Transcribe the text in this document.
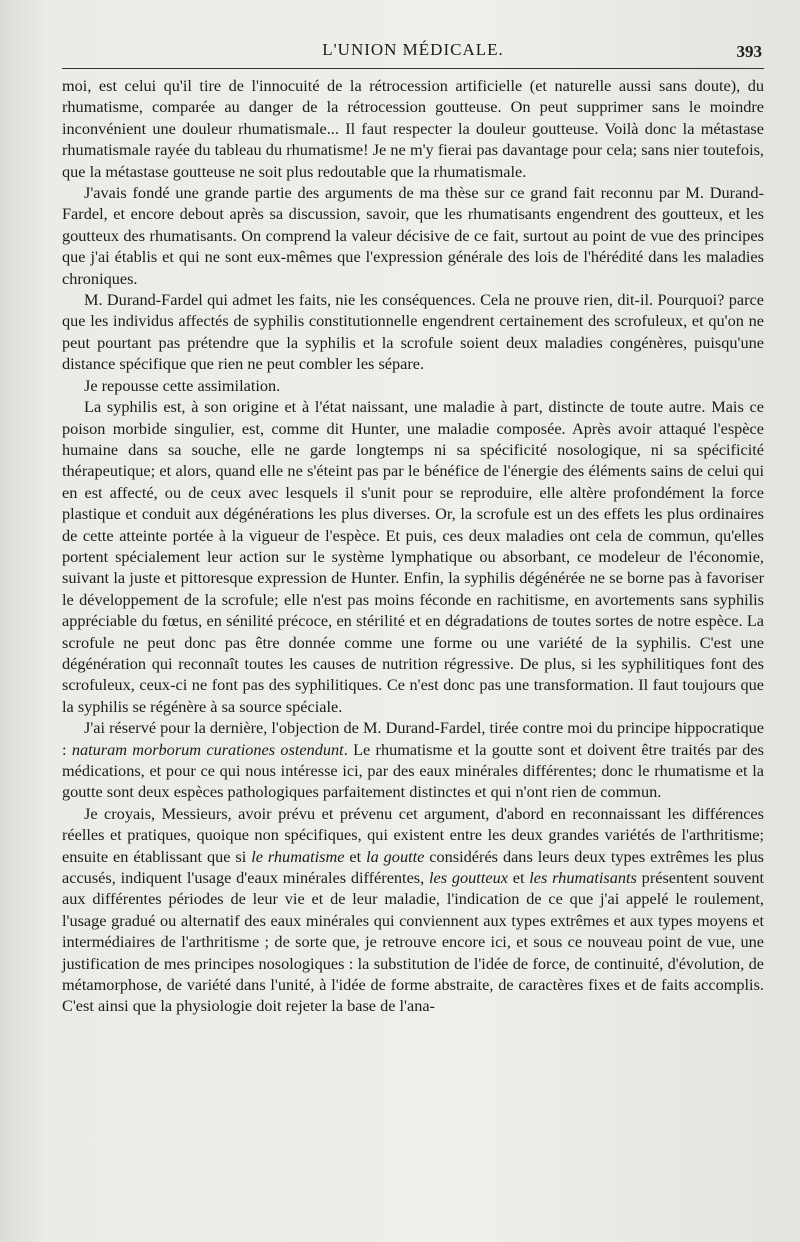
L'UNION MÉDICALE.	393

moi, est celui qu'il tire de l'innocuité de la rétrocession artificielle (et naturelle aussi sans doute), du rhumatisme, comparée au danger de la rétrocession goutteuse. On peut supprimer sans le moindre inconvénient une douleur rhumatismale... Il faut respecter la douleur goutteuse. Voilà donc la métastase rhumatismale rayée du tableau du rhumatisme! Je ne m'y fierai pas davantage pour cela; sans nier toutefois, que la métastase goutteuse ne soit plus redoutable que la rhumatismale.

J'avais fondé une grande partie des arguments de ma thèse sur ce grand fait reconnu par M. Durand-Fardel, et encore debout après sa discussion, savoir, que les rhumatisants engendrent des goutteux, et les goutteux des rhumatisants. On comprend la valeur décisive de ce fait, surtout au point de vue des principes que j'ai établis et qui ne sont eux-mêmes que l'expression générale des lois de l'hérédité dans les maladies chroniques.

M. Durand-Fardel qui admet les faits, nie les conséquences. Cela ne prouve rien, dit-il. Pourquoi? parce que les individus affectés de syphilis constitutionnelle engendrent certainement des scrofuleux, et qu'on ne peut pourtant pas prétendre que la syphilis et la scrofule soient deux maladies congénères, puisqu'une distance spécifique que rien ne peut combler les sépare.

Je repousse cette assimilation.

La syphilis est, à son origine et à l'état naissant, une maladie à part, distincte de toute autre. Mais ce poison morbide singulier, est, comme dit Hunter, une maladie composée. Après avoir attaqué l'espèce humaine dans sa souche, elle ne garde longtemps ni sa spécificité nosologique, ni sa spécificité thérapeutique; et alors, quand elle ne s'éteint pas par le bénéfice de l'énergie des éléments sains de celui qui en est affecté, ou de ceux avec lesquels il s'unit pour se reproduire, elle altère profondément la force plastique et conduit aux dégénérations les plus diverses. Or, la scrofule est un des effets les plus ordinaires de cette atteinte portée à la vigueur de l'espèce. Et puis, ces deux maladies ont cela de commun, qu'elles portent spécialement leur action sur le système lymphatique ou absorbant, ce modeleur de l'économie, suivant la juste et pittoresque expression de Hunter. Enfin, la syphilis dégénérée ne se borne pas à favoriser le développement de la scrofule; elle n'est pas moins féconde en rachitisme, en avortements sans syphilis appréciable du fœtus, en sénilité précoce, en stérilité et en dégradations de toutes sortes de notre espèce. La scrofule ne peut donc pas être donnée comme une forme ou une variété de la syphilis. C'est une dégénération qui reconnaît toutes les causes de nutrition régressive. De plus, si les syphilitiques font des scrofuleux, ceux-ci ne font pas des syphilitiques. Ce n'est donc pas une transformation. Il faut toujours que la syphilis se régénère à sa source spéciale.

J'ai réservé pour la dernière, l'objection de M. Durand-Fardel, tirée contre moi du principe hippocratique : naturam morborum curationes ostendunt. Le rhumatisme et la goutte sont et doivent être traités par des médications, et pour ce qui nous intéresse ici, par des eaux minérales différentes; donc le rhumatisme et la goutte sont deux espèces pathologiques parfaitement distinctes et qui n'ont rien de commun.

Je croyais, Messieurs, avoir prévu et prévenu cet argument, d'abord en reconnaissant les différences réelles et pratiques, quoique non spécifiques, qui existent entre les deux grandes variétés de l'arthritisme; ensuite en établissant que si le rhumatisme et la goutte considérés dans leurs deux types extrêmes les plus accusés, indiquent l'usage d'eaux minérales différentes, les goutteux et les rhumatisants présentent souvent aux différentes périodes de leur vie et de leur maladie, l'indication de ce que j'ai appelé le roulement, l'usage gradué ou alternatif des eaux minérales qui conviennent aux types extrêmes et aux types moyens et intermédiaires de l'arthritisme ; de sorte que, je retrouve encore ici, et sous ce nouveau point de vue, une justification de mes principes nosologiques : la substitution de l'idée de force, de continuité, d'évolution, de métamorphose, de variété dans l'unité, à l'idée de forme abstraite, de caractères fixes et de faits accomplis. C'est ainsi que la physiologie doit rejeter la base de l'ana-
